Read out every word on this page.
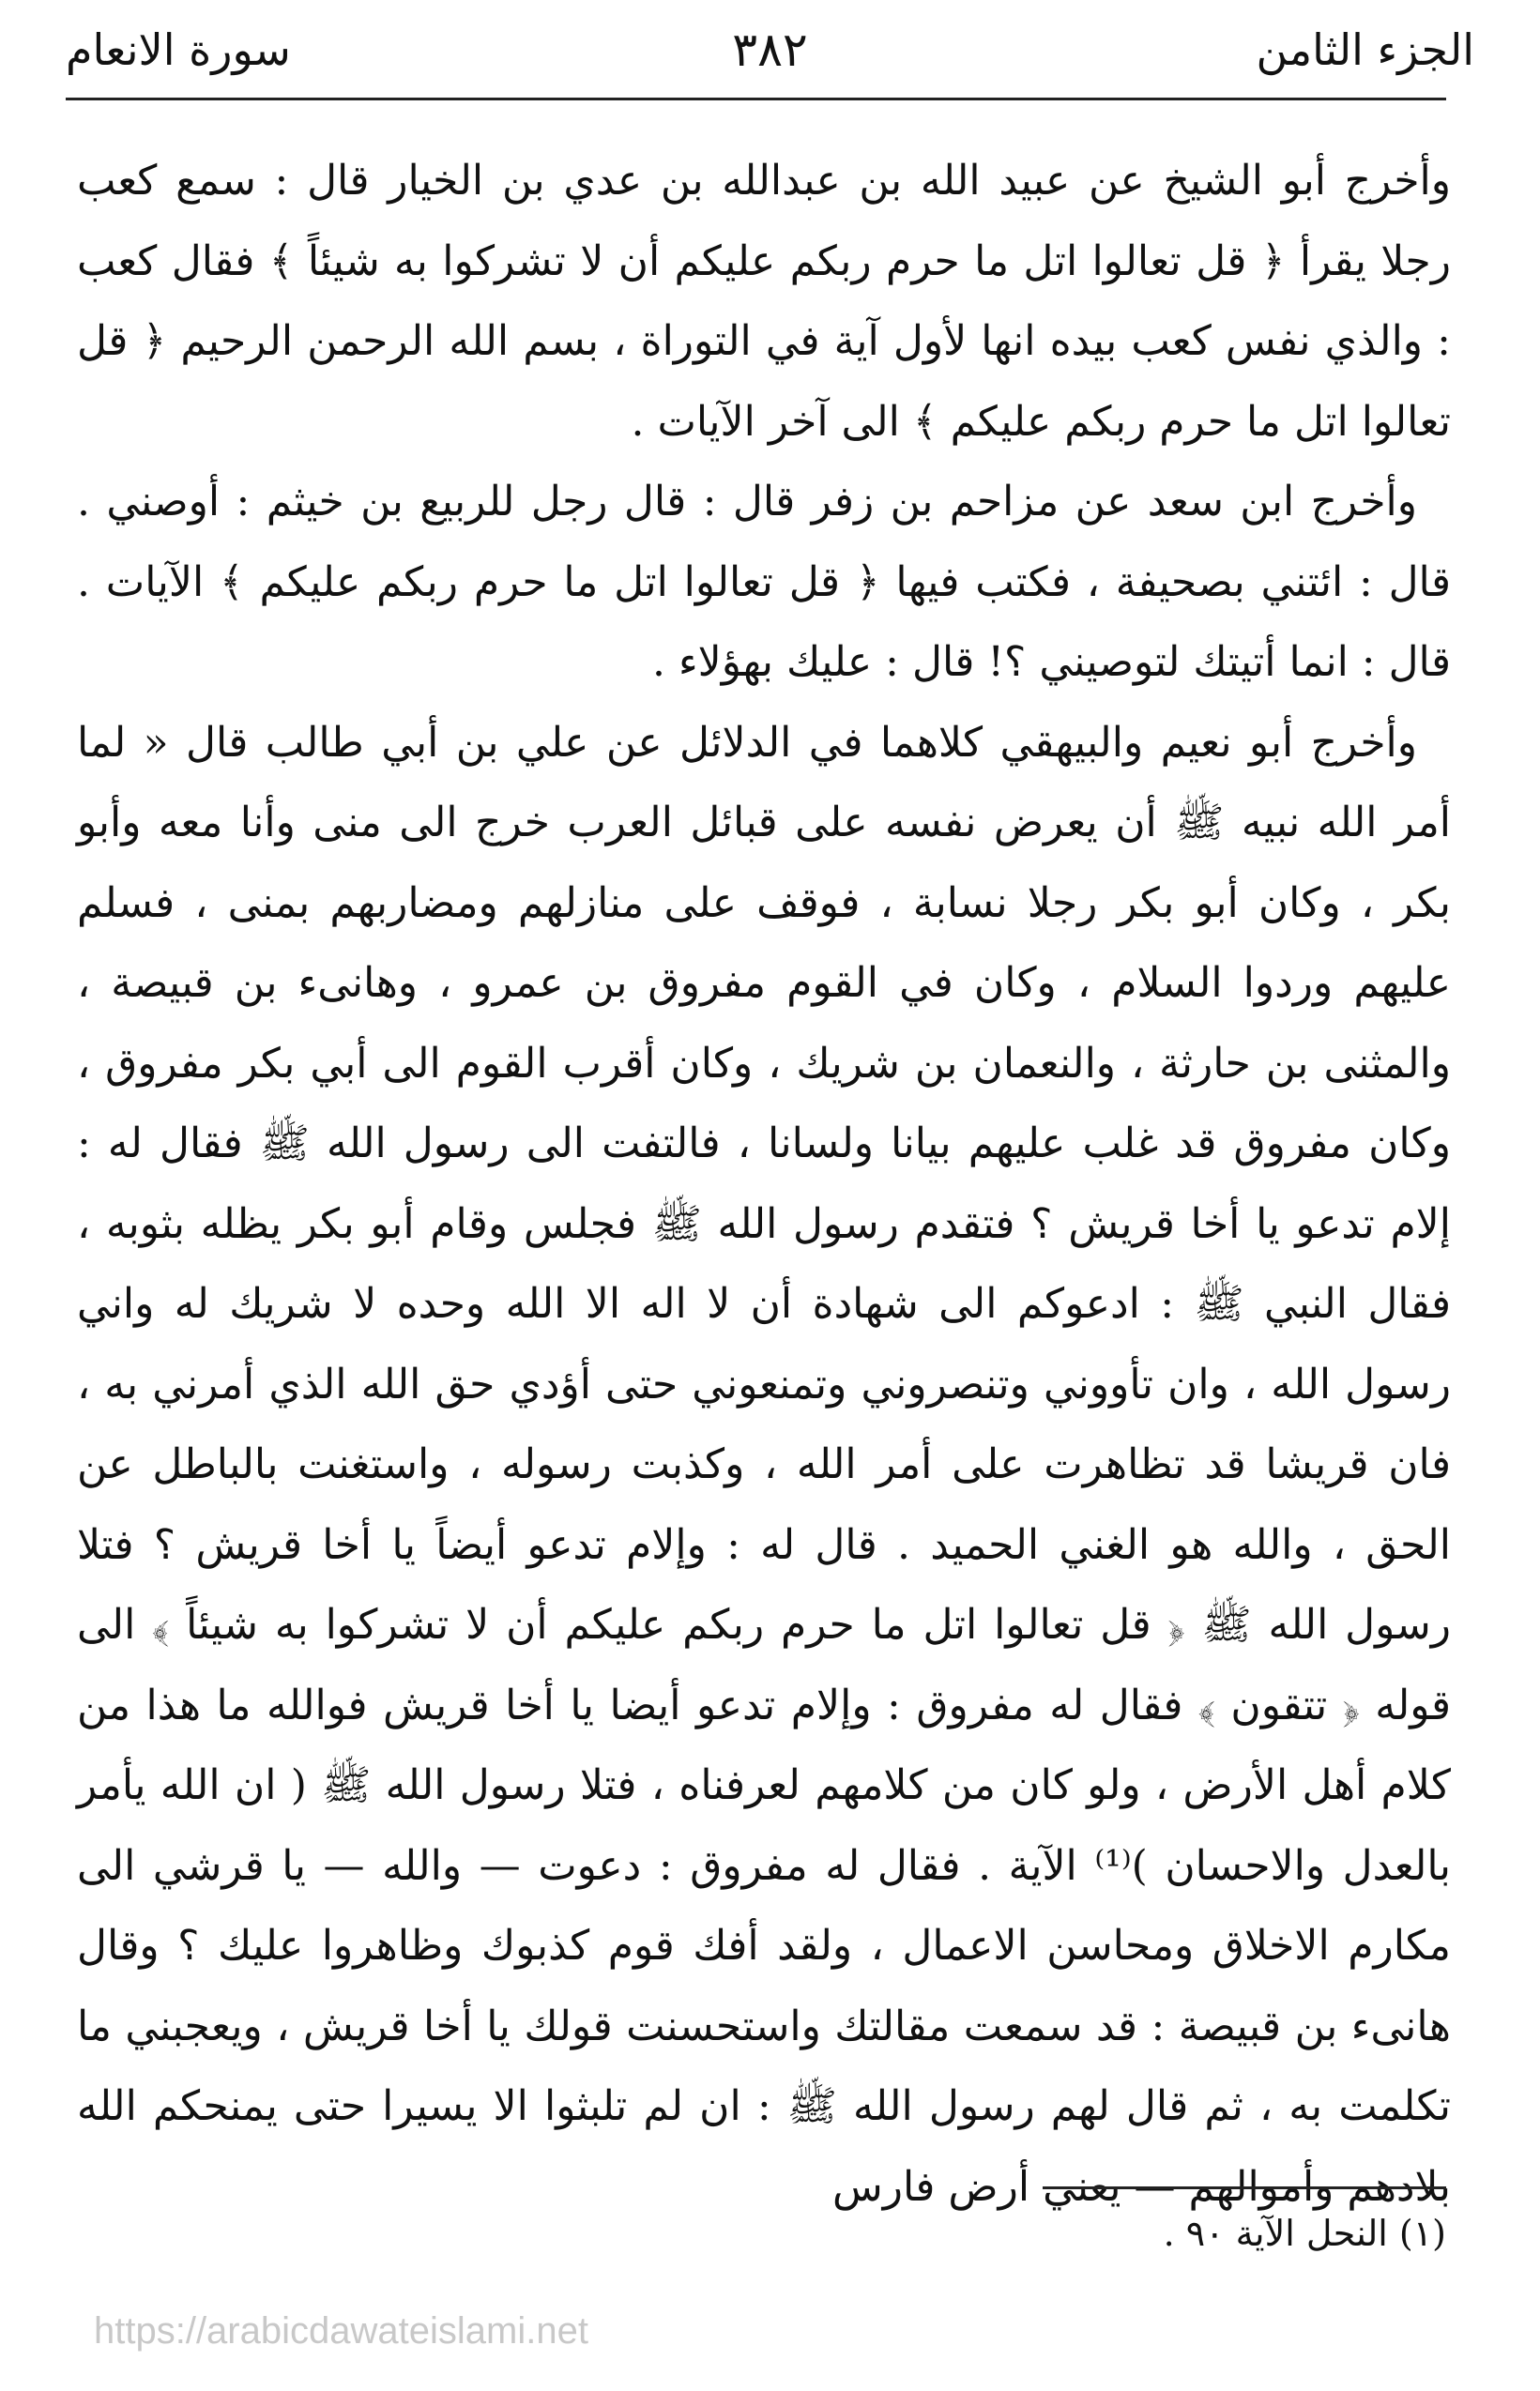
الجزء الثامن
٣٨٢
سورة الانعام

وأخرج أبو الشيخ عن عبيد الله بن عبدالله بن عدي بن الخيار قال : سمع كعب رجلا يقرأ ﴿ قل تعالوا اتل ما حرم ربكم عليكم أن لا تشركوا به شيئاً ﴾ فقال كعب : والذي نفس كعب بيده انها لأول آية في التوراة ، بسم الله الرحمن الرحيم ﴿ قل تعالوا اتل ما حرم ربكم عليكم ﴾ الى آخر الآيات .

وأخرج ابن سعد عن مزاحم بن زفر قال : قال رجل للربيع بن خيثم : أوصني . قال : ائتني بصحيفة ، فكتب فيها ﴿ قل تعالوا اتل ما حرم ربكم عليكم ﴾ الآيات . قال : انما أتيتك لتوصيني ؟! قال : عليك بهؤلاء .

وأخرج أبو نعيم والبيهقي كلاهما في الدلائل عن علي بن أبي طالب قال « لما أمر الله نبيه ﷺ أن يعرض نفسه على قبائل العرب خرج الى منى وأنا معه وأبو بكر ، وكان أبو بكر رجلا نسابة ، فوقف على منازلهم ومضاربهم بمنى ، فسلم عليهم وردوا السلام ، وكان في القوم مفروق بن عمرو ، وهانىء بن قبيصة ، والمثنى بن حارثة ، والنعمان بن شريك ، وكان أقرب القوم الى أبي بكر مفروق ، وكان مفروق قد غلب عليهم بيانا ولسانا ، فالتفت الى رسول الله ﷺ فقال له : إلام تدعو يا أخا قريش ؟ فتقدم رسول الله ﷺ فجلس وقام أبو بكر يظله بثوبه ، فقال النبي ﷺ : ادعوكم الى شهادة أن لا اله الا الله وحده لا شريك له واني رسول الله ، وان تأووني وتنصروني وتمنعوني حتى أؤدي حق الله الذي أمرني به ، فان قريشا قد تظاهرت على أمر الله ، وكذبت رسوله ، واستغنت بالباطل عن الحق ، والله هو الغني الحميد . قال له : وإلام تدعو أيضاً يا أخا قريش ؟ فتلا رسول الله ﷺ ﴿ قل تعالوا اتل ما حرم ربكم عليكم أن لا تشركوا به شيئاً ﴾ الى قوله ﴿ تتقون ﴾ فقال له مفروق : وإلام تدعو أيضا يا أخا قريش فوالله ما هذا من كلام أهل الأرض ، ولو كان من كلامهم لعرفناه ، فتلا رسول الله ﷺ ( ان الله يأمر بالعدل والاحسان )⁽¹⁾ الآية . فقال له مفروق : دعوت — والله — يا قرشي الى مكارم الاخلاق ومحاسن الاعمال ، ولقد أفك قوم كذبوك وظاهروا عليك ؟ وقال هانىء بن قبيصة : قد سمعت مقالتك واستحسنت قولك يا أخا قريش ، ويعجبني ما تكلمت به ، ثم قال لهم رسول الله ﷺ : ان لم تلبثوا الا يسيرا حتى يمنحكم الله بلادهم وأموالهم — يعني أرض فارس

(١) النحل الآية ٩٠ .
https://arabicdawateislami.net
